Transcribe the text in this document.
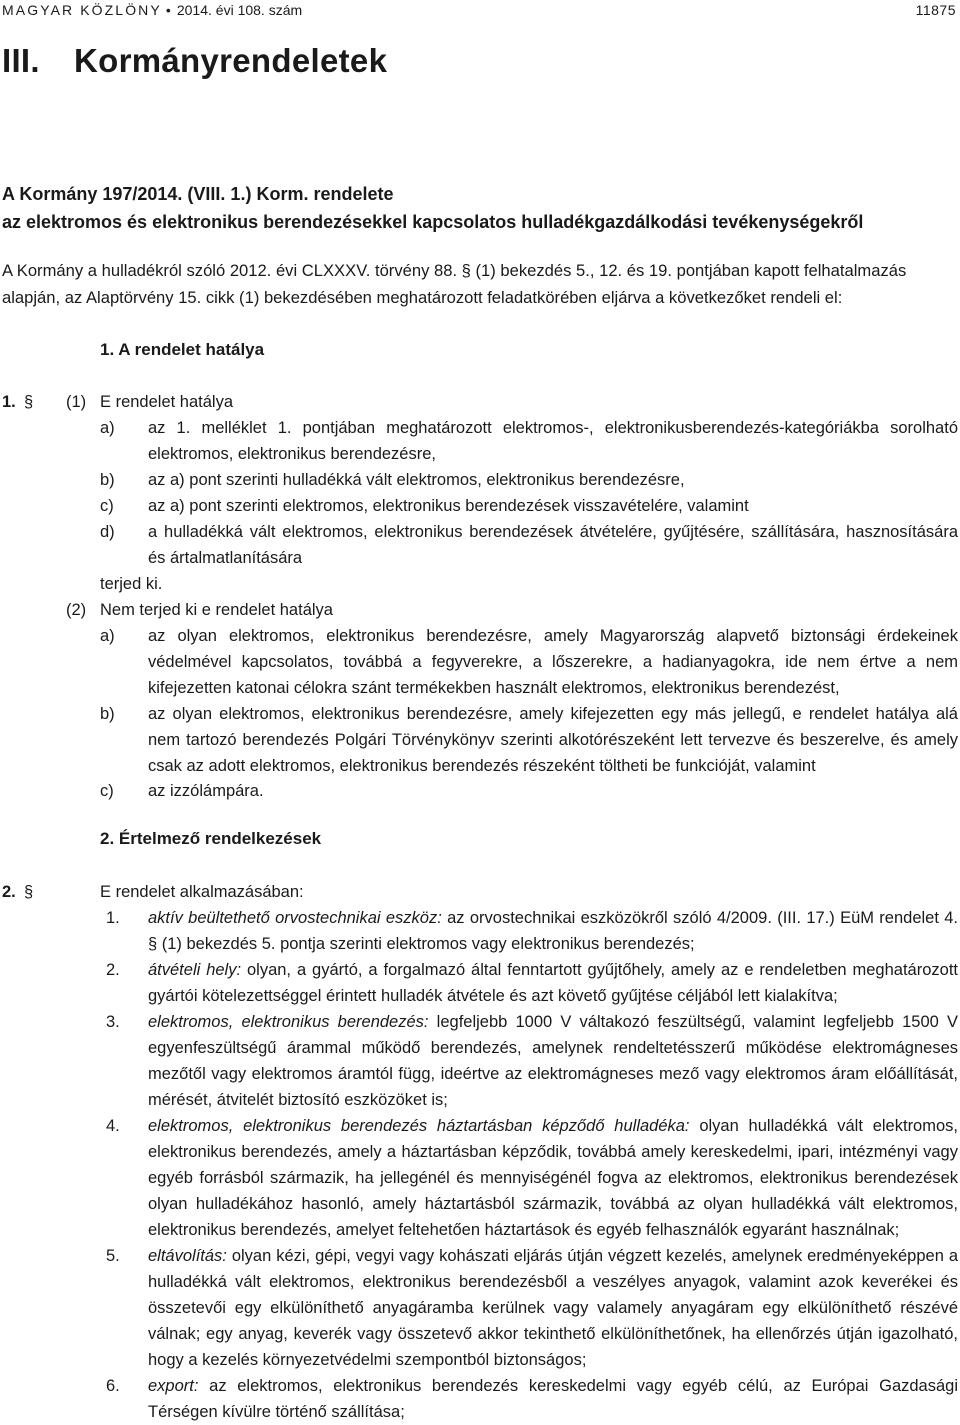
MAGYAR KÖZLÖNY • 2014. évi 108. szám	11875
III. Kormányrendeletek
A Kormány 197/2014. (VIII. 1.) Korm. rendelete
az elektromos és elektronikus berendezésekkel kapcsolatos hulladékgazdálkodási tevékenységekről
A Kormány a hulladékról szóló 2012. évi CLXXXV. törvény 88. § (1) bekezdés 5., 12. és 19. pontjában kapott felhatalmazás alapján, az Alaptörvény 15. cikk (1) bekezdésében meghatározott feladatkörében eljárva a következőket rendeli el:
1. A rendelet hatálya
1. § (1) E rendelet hatálya
a) az 1. melléklet 1. pontjában meghatározott elektromos-, elektronikusberendezés-kategóriákba sorolható elektromos, elektronikus berendezésre,
b) az a) pont szerinti hulladékká vált elektromos, elektronikus berendezésre,
c) az a) pont szerinti elektromos, elektronikus berendezések visszavételére, valamint
d) a hulladékká vált elektromos, elektronikus berendezések átvételére, gyűjtésére, szállítására, hasznosítására és ártalmatlanítására
terjed ki.
(2) Nem terjed ki e rendelet hatálya
a) az olyan elektromos, elektronikus berendezésre, amely Magyarország alapvető biztonsági érdekeinek védelmével kapcsolatos, továbbá a fegyverekre, a lőszerekre, a hadianyagokra, ide nem értve a nem kifejezetten katonai célokra szánt termékekben használt elektromos, elektronikus berendezést,
b) az olyan elektromos, elektronikus berendezésre, amely kifejezetten egy más jellegű, e rendelet hatálya alá nem tartozó berendezés Polgári Törvénykönyv szerinti alkotórészeként lett tervezve és beszerelve, és amely csak az adott elektromos, elektronikus berendezés részeként töltheti be funkcióját, valamint
c) az izzólámpára.
2. Értelmező rendelkezések
2. §	E rendelet alkalmazásában:
1. aktív beültethető orvostechnikai eszköz: az orvostechnikai eszközökről szóló 4/2009. (III. 17.) EüM rendelet 4. § (1) bekezdés 5. pontja szerinti elektromos vagy elektronikus berendezés;
2. átvételi hely: olyan, a gyártó, a forgalmazó által fenntartott gyűjtőhely, amely az e rendeletben meghatározott gyártói kötelezettséggel érintett hulladék átvétele és azt követő gyűjtése céljából lett kialakítva;
3. elektromos, elektronikus berendezés: legfeljebb 1000 V váltakozó feszültségű, valamint legfeljebb 1500 V egyenfeszültségű árammal működő berendezés, amelynek rendeltetésszerű működése elektromágneses mezőtől vagy elektromos áramtól függ, ideértve az elektromágneses mező vagy elektromos áram előállítását, mérését, átvitelét biztosító eszközöket is;
4. elektromos, elektronikus berendezés háztartásban képződő hulladéka: olyan hulladékká vált elektromos, elektronikus berendezés, amely a háztartásban képződik, továbbá amely kereskedelmi, ipari, intézményi vagy egyéb forrásból származik, ha jellegénél és mennyiségénél fogva az elektromos, elektronikus berendezések olyan hulladékához hasonló, amely háztartásból származik, továbbá az olyan hulladékká vált elektromos, elektronikus berendezés, amelyet feltehetően háztartások és egyéb felhasználók egyaránt használnak;
5. eltávolítás: olyan kézi, gépi, vegyi vagy kohászati eljárás útján végzett kezelés, amelynek eredményeképpen a hulladékká vált elektromos, elektronikus berendezésből a veszélyes anyagok, valamint azok keverékei és összetevői egy elkülöníthető anyagáramba kerülnek vagy valamely anyagáram egy elkülöníthető részévé válnak; egy anyag, keverék vagy összetevő akkor tekinthető elkülöníthetőnek, ha ellenőrzés útján igazolható, hogy a kezelés környezetvédelmi szempontból biztonságos;
6. export: az elektromos, elektronikus berendezés kereskedelmi vagy egyéb célú, az Európai Gazdasági Térségen kívülre történő szállítása;
